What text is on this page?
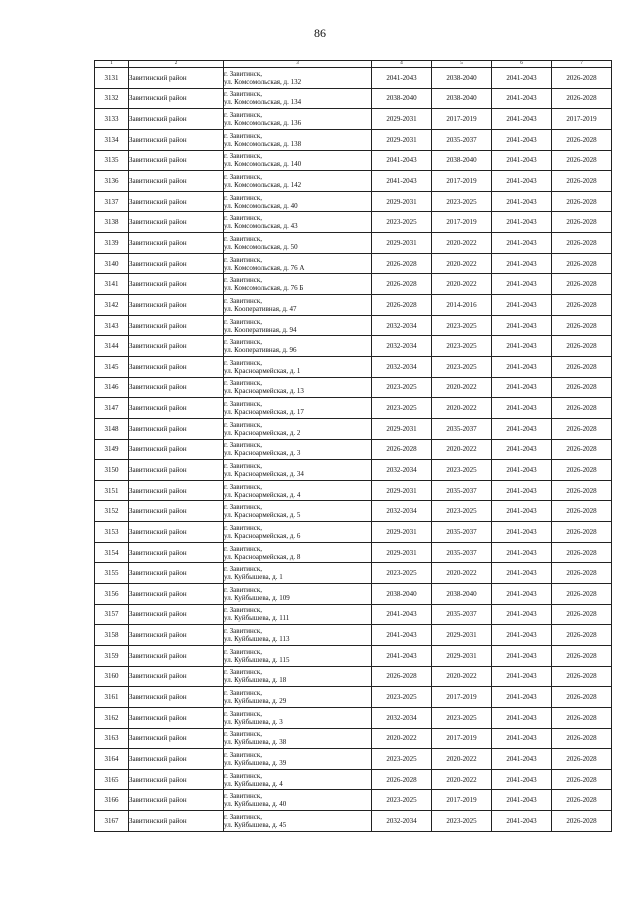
86
1	2	3	4	5	6	7
3131	Завитинский район	г. Завитинск,
ул. Комсомольская, д. 132	2041-2043	2038-2040	2041-2043	2026-2028
3132	Завитинский район	г. Завитинск,
ул. Комсомольская, д. 134	2038-2040	2038-2040	2041-2043	2026-2028
3133	Завитинский район	г. Завитинск,
ул. Комсомольская, д. 136	2029-2031	2017-2019	2041-2043	2017-2019
3134	Завитинский район	г. Завитинск,
ул. Комсомольская, д. 138	2029-2031	2035-2037	2041-2043	2026-2028
3135	Завитинский район	г. Завитинск,
ул. Комсомольская, д. 140	2041-2043	2038-2040	2041-2043	2026-2028
3136	Завитинский район	г. Завитинск,
ул. Комсомольская, д. 142	2041-2043	2017-2019	2041-2043	2026-2028
3137	Завитинский район	г. Завитинск,
ул. Комсомольская, д. 40	2029-2031	2023-2025	2041-2043	2026-2028
3138	Завитинский район	г. Завитинск,
ул. Комсомольская, д. 43	2023-2025	2017-2019	2041-2043	2026-2028
3139	Завитинский район	г. Завитинск,
ул. Комсомольская, д. 50	2029-2031	2020-2022	2041-2043	2026-2028
3140	Завитинский район	г. Завитинск,
ул. Комсомольская, д. 76 А	2026-2028	2020-2022	2041-2043	2026-2028
3141	Завитинский район	г. Завитинск,
ул. Комсомольская, д. 76 Б	2026-2028	2020-2022	2041-2043	2026-2028
3142	Завитинский район	г. Завитинск,
ул. Кооперативная, д. 47	2026-2028	2014-2016	2041-2043	2026-2028
3143	Завитинский район	г. Завитинск,
ул. Кооперативная, д. 94	2032-2034	2023-2025	2041-2043	2026-2028
3144	Завитинский район	г. Завитинск,
ул. Кооперативная, д. 96	2032-2034	2023-2025	2041-2043	2026-2028
3145	Завитинский район	г. Завитинск,
ул. Красноармейская, д. 1	2032-2034	2023-2025	2041-2043	2026-2028
3146	Завитинский район	г. Завитинск,
ул. Красноармейская, д. 13	2023-2025	2020-2022	2041-2043	2026-2028
3147	Завитинский район	г. Завитинск,
ул. Красноармейская, д. 17	2023-2025	2020-2022	2041-2043	2026-2028
3148	Завитинский район	г. Завитинск,
ул. Красноармейская, д. 2	2029-2031	2035-2037	2041-2043	2026-2028
3149	Завитинский район	г. Завитинск,
ул. Красноармейская, д. 3	2026-2028	2020-2022	2041-2043	2026-2028
3150	Завитинский район	г. Завитинск,
ул. Красноармейская, д. 34	2032-2034	2023-2025	2041-2043	2026-2028
3151	Завитинский район	г. Завитинск,
ул. Красноармейская, д. 4	2029-2031	2035-2037	2041-2043	2026-2028
3152	Завитинский район	г. Завитинск,
ул. Красноармейская, д. 5	2032-2034	2023-2025	2041-2043	2026-2028
3153	Завитинский район	г. Завитинск,
ул. Красноармейская, д. 6	2029-2031	2035-2037	2041-2043	2026-2028
3154	Завитинский район	г. Завитинск,
ул. Красноармейская, д. 8	2029-2031	2035-2037	2041-2043	2026-2028
3155	Завитинский район	г. Завитинск,
ул. Куйбышева, д. 1	2023-2025	2020-2022	2041-2043	2026-2028
3156	Завитинский район	г. Завитинск,
ул. Куйбышева, д. 109	2038-2040	2038-2040	2041-2043	2026-2028
3157	Завитинский район	г. Завитинск,
ул. Куйбышева, д. 111	2041-2043	2035-2037	2041-2043	2026-2028
3158	Завитинский район	г. Завитинск,
ул. Куйбышева, д. 113	2041-2043	2029-2031	2041-2043	2026-2028
3159	Завитинский район	г. Завитинск,
ул. Куйбышева, д. 115	2041-2043	2029-2031	2041-2043	2026-2028
3160	Завитинский район	г. Завитинск,
ул. Куйбышева, д. 18	2026-2028	2020-2022	2041-2043	2026-2028
3161	Завитинский район	г. Завитинск,
ул. Куйбышева, д. 29	2023-2025	2017-2019	2041-2043	2026-2028
3162	Завитинский район	г. Завитинск,
ул. Куйбышева, д. 3	2032-2034	2023-2025	2041-2043	2026-2028
3163	Завитинский район	г. Завитинск,
ул. Куйбышева, д. 38	2020-2022	2017-2019	2041-2043	2026-2028
3164	Завитинский район	г. Завитинск,
ул. Куйбышева, д. 39	2023-2025	2020-2022	2041-2043	2026-2028
3165	Завитинский район	г. Завитинск,
ул. Куйбышева, д. 4	2026-2028	2020-2022	2041-2043	2026-2028
3166	Завитинский район	г. Завитинск,
ул. Куйбышева, д. 40	2023-2025	2017-2019	2041-2043	2026-2028
3167	Завитинский район	г. Завитинск,
ул. Куйбышева, д. 45	2032-2034	2023-2025	2041-2043	2026-2028
